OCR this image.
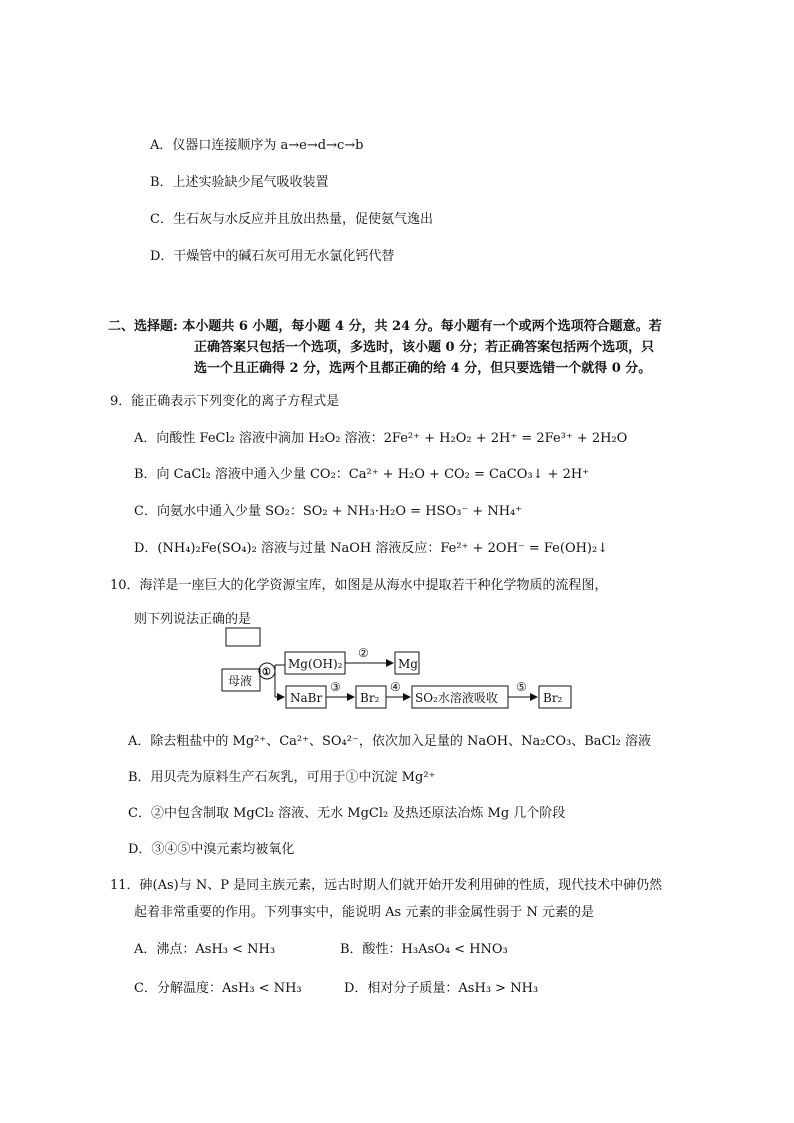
A．仪器口连接顺序为 a→e→d→c→b
B．上述实验缺少尾气吸收装置
C．生石灰与水反应并且放出热量，促使氨气逸出
D．干燥管中的碱石灰可用无水氯化钙代替
二、选择题: 本小题共 6 小题，每小题 4 分，共 24 分。每小题有一个或两个选项符合题意。若
正确答案只包括一个选项，多选时，该小题 0 分；若正确答案包括两个选项，只
选一个且正确得 2 分，选两个且都正确的给 4 分，但只要选错一个就得 0 分。
9．能正确表示下列变化的离子方程式是
A．向酸性 FeCl₂ 溶液中滴加 H₂O₂ 溶液：2Fe²⁺ + H₂O₂ + 2H⁺ = 2Fe³⁺ + 2H₂O
B．向 CaCl₂ 溶液中通入少量 CO₂：Ca²⁺ + H₂O + CO₂ = CaCO₃↓ + 2H⁺
C．向氨水中通入少量 SO₂：SO₂ + NH₃·H₂O = HSO₃⁻ + NH₄⁺
D．(NH₄)₂Fe(SO₄)₂ 溶液与过量 NaOH 溶液反应：Fe²⁺ + 2OH⁻ = Fe(OH)₂↓
10．海洋是一座巨大的化学资源宝库，如图是从海水中提取若干种化学物质的流程图，
则下列说法正确的是
母液
①
Mg(OH)₂
②
Mg
NaBr
③
Br₂
④
SO₂水溶液吸收
⑤
Br₂
A．除去粗盐中的 Mg²⁺、Ca²⁺、SO₄²⁻，依次加入足量的 NaOH、Na₂CO₃、BaCl₂ 溶液
B．用贝壳为原料生产石灰乳，可用于①中沉淀 Mg²⁺
C．②中包含制取 MgCl₂ 溶液、无水 MgCl₂ 及热还原法冶炼 Mg 几个阶段
D．③④⑤中溴元素均被氧化
11．砷(As)与 N、P 是同主族元素，远古时期人们就开始开发利用砷的性质，现代技术中砷仍然
起着非常重要的作用。下列事实中，能说明 As 元素的非金属性弱于 N 元素的是
A．沸点：AsH₃ < NH₃	B．酸性：H₃AsO₄ < HNO₃
C．分解温度：AsH₃ < NH₃	D．相对分子质量：AsH₃ > NH₃
